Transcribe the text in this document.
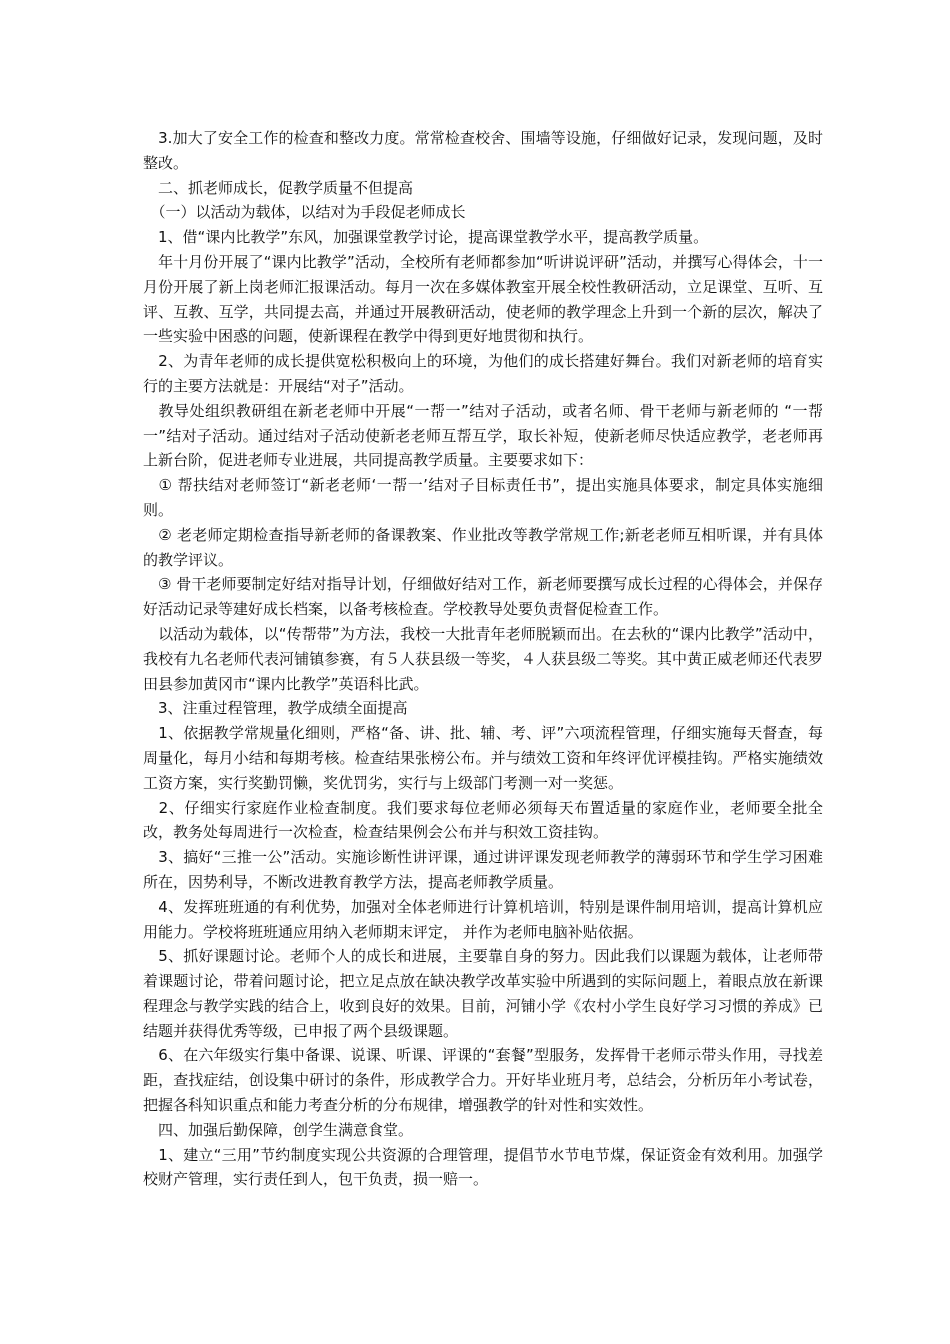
　3.加大了安全工作的检查和整改力度。常常检查校舍、围墙等设施，仔细做好记录，发现问题，及时整改。

　二、抓老师成长，促教学质量不但提高

　（一）以活动为载体，以结对为手段促老师成长

　1、借“课内比教学”东风，加强课堂教学讨论，提高课堂教学水平，提高教学质量。

　年十月份开展了“课内比教学”活动，全校所有老师都参加“听讲说评研”活动，并撰写心得体会，十一月份开展了新上岗老师汇报课活动。每月一次在多媒体教室开展全校性教研活动，立足课堂、互听、互评、互教、互学，共同提去高，并通过开展教研活动，使老师的教学理念上升到一个新的层次，解决了一些实验中困惑的问题，使新课程在教学中得到更好地贯彻和执行。

　2、为青年老师的成长提供宽松积极向上的环境，为他们的成长搭建好舞台。我们对新老师的培育实行的主要方法就是：开展结“对子”活动。

　教导处组织教研组在新老老师中开展“一帮一”结对子活动，或者名师、骨干老师与新老师的 “一帮一”结对子活动。通过结对子活动使新老老师互帮互学，取长补短，使新老师尽快适应教学，老老师再上新台阶，促进老师专业进展，共同提高教学质量。主要要求如下：

　① 帮扶结对老师签订“新老老师‘一帮一’结对子目标责任书”，提出实施具体要求，制定具体实施细则。

　② 老老师定期检查指导新老师的备课教案、作业批改等教学常规工作;新老老师互相听课，并有具体的教学评议。

　③ 骨干老师要制定好结对指导计划，仔细做好结对工作，新老师要撰写成长过程的心得体会，并保存好活动记录等建好成长档案，以备考核检查。学校教导处要负责督促检查工作。

　以活动为载体，以“传帮带”为方法，我校一大批青年老师脱颖而出。在去秋的“课内比教学”活动中，我校有九名老师代表河铺镇参赛，有５人获县级一等奖，４人获县级二等奖。其中黄正威老师还代表罗田县参加黄冈市“课内比教学”英语科比武。

　3、注重过程管理，教学成绩全面提高

　1、依据教学常规量化细则，严格“备、讲、批、辅、考、评”六项流程管理，仔细实施每天督查，每周量化，每月小结和每期考核。检查结果张榜公布。并与绩效工资和年终评优评模挂钩。严格实施绩效工资方案，实行奖勤罚懒，奖优罚劣，实行与上级部门考测一对一奖惩。

　2、仔细实行家庭作业检查制度。我们要求每位老师必须每天布置适量的家庭作业，老师要全批全改，教务处每周进行一次检查，检查结果例会公布并与积效工资挂钩。

　3、搞好“三推一公”活动。实施诊断性讲评课，通过讲评课发现老师教学的薄弱环节和学生学习困难所在，因势利导，不断改进教育教学方法，提高老师教学质量。

　4、发挥班班通的有利优势，加强对全体老师进行计算机培训，特别是课件制用培训，提高计算机应用能力。学校将班班通应用纳入老师期末评定， 并作为老师电脑补贴依据。

　5、抓好课题讨论。老师个人的成长和进展，主要靠自身的努力。因此我们以课题为载体，让老师带着课题讨论，带着问题讨论，把立足点放在缺决教学改革实验中所遇到的实际问题上，着眼点放在新课程理念与教学实践的结合上，收到良好的效果。目前，河铺小学《农村小学生良好学习习惯的养成》已结题并获得优秀等级，已申报了两个县级课题。

　6、在六年级实行集中备课、说课、听课、评课的“套餐”型服务，发挥骨干老师示带头作用，寻找差距，查找症结，创设集中研讨的条件，形成教学合力。开好毕业班月考，总结会，分析历年小考试卷，把握各科知识重点和能力考查分析的分布规律，增强教学的针对性和实效性。

　四、加强后勤保障，创学生满意食堂。

　1、建立“三用”节约制度实现公共资源的合理管理，提倡节水节电节煤，保证资金有效利用。加强学校财产管理，实行责任到人，包干负责，损一赔一。
